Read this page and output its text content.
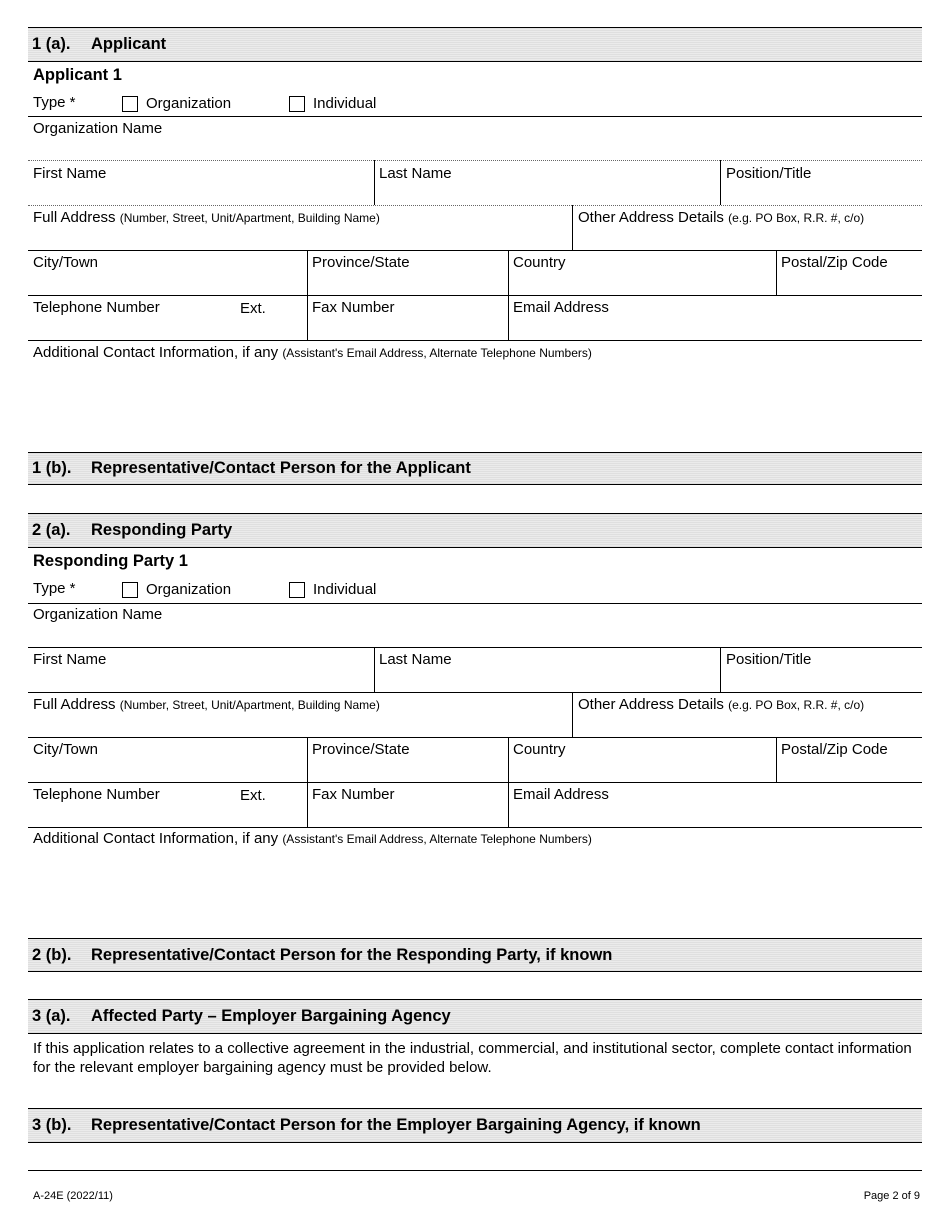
1 (a). Applicant
Applicant 1
Type *	Organization	Individual
Organization Name
First Name	Last Name	Position/Title
Full Address (Number, Street, Unit/Apartment, Building Name)	Other Address Details (e.g. PO Box, R.R. #, c/o)
City/Town	Province/State	Country	Postal/Zip Code
Telephone Number	Ext.	Fax Number	Email Address
Additional Contact Information, if any (Assistant's Email Address, Alternate Telephone Numbers)
1 (b). Representative/Contact Person for the Applicant
2 (a). Responding Party
Responding Party 1
Type *	Organization	Individual
Organization Name
First Name	Last Name	Position/Title
Full Address (Number, Street, Unit/Apartment, Building Name)	Other Address Details (e.g. PO Box, R.R. #, c/o)
City/Town	Province/State	Country	Postal/Zip Code
Telephone Number	Ext.	Fax Number	Email Address
Additional Contact Information, if any (Assistant's Email Address, Alternate Telephone Numbers)
2 (b). Representative/Contact Person for the Responding Party, if known
3 (a). Affected Party – Employer Bargaining Agency
If this application relates to a collective agreement in the industrial, commercial, and institutional sector, complete contact information for the relevant employer bargaining agency must be provided below.
3 (b). Representative/Contact Person for the Employer Bargaining Agency, if known
A-24E (2022/11)	Page 2 of 9
